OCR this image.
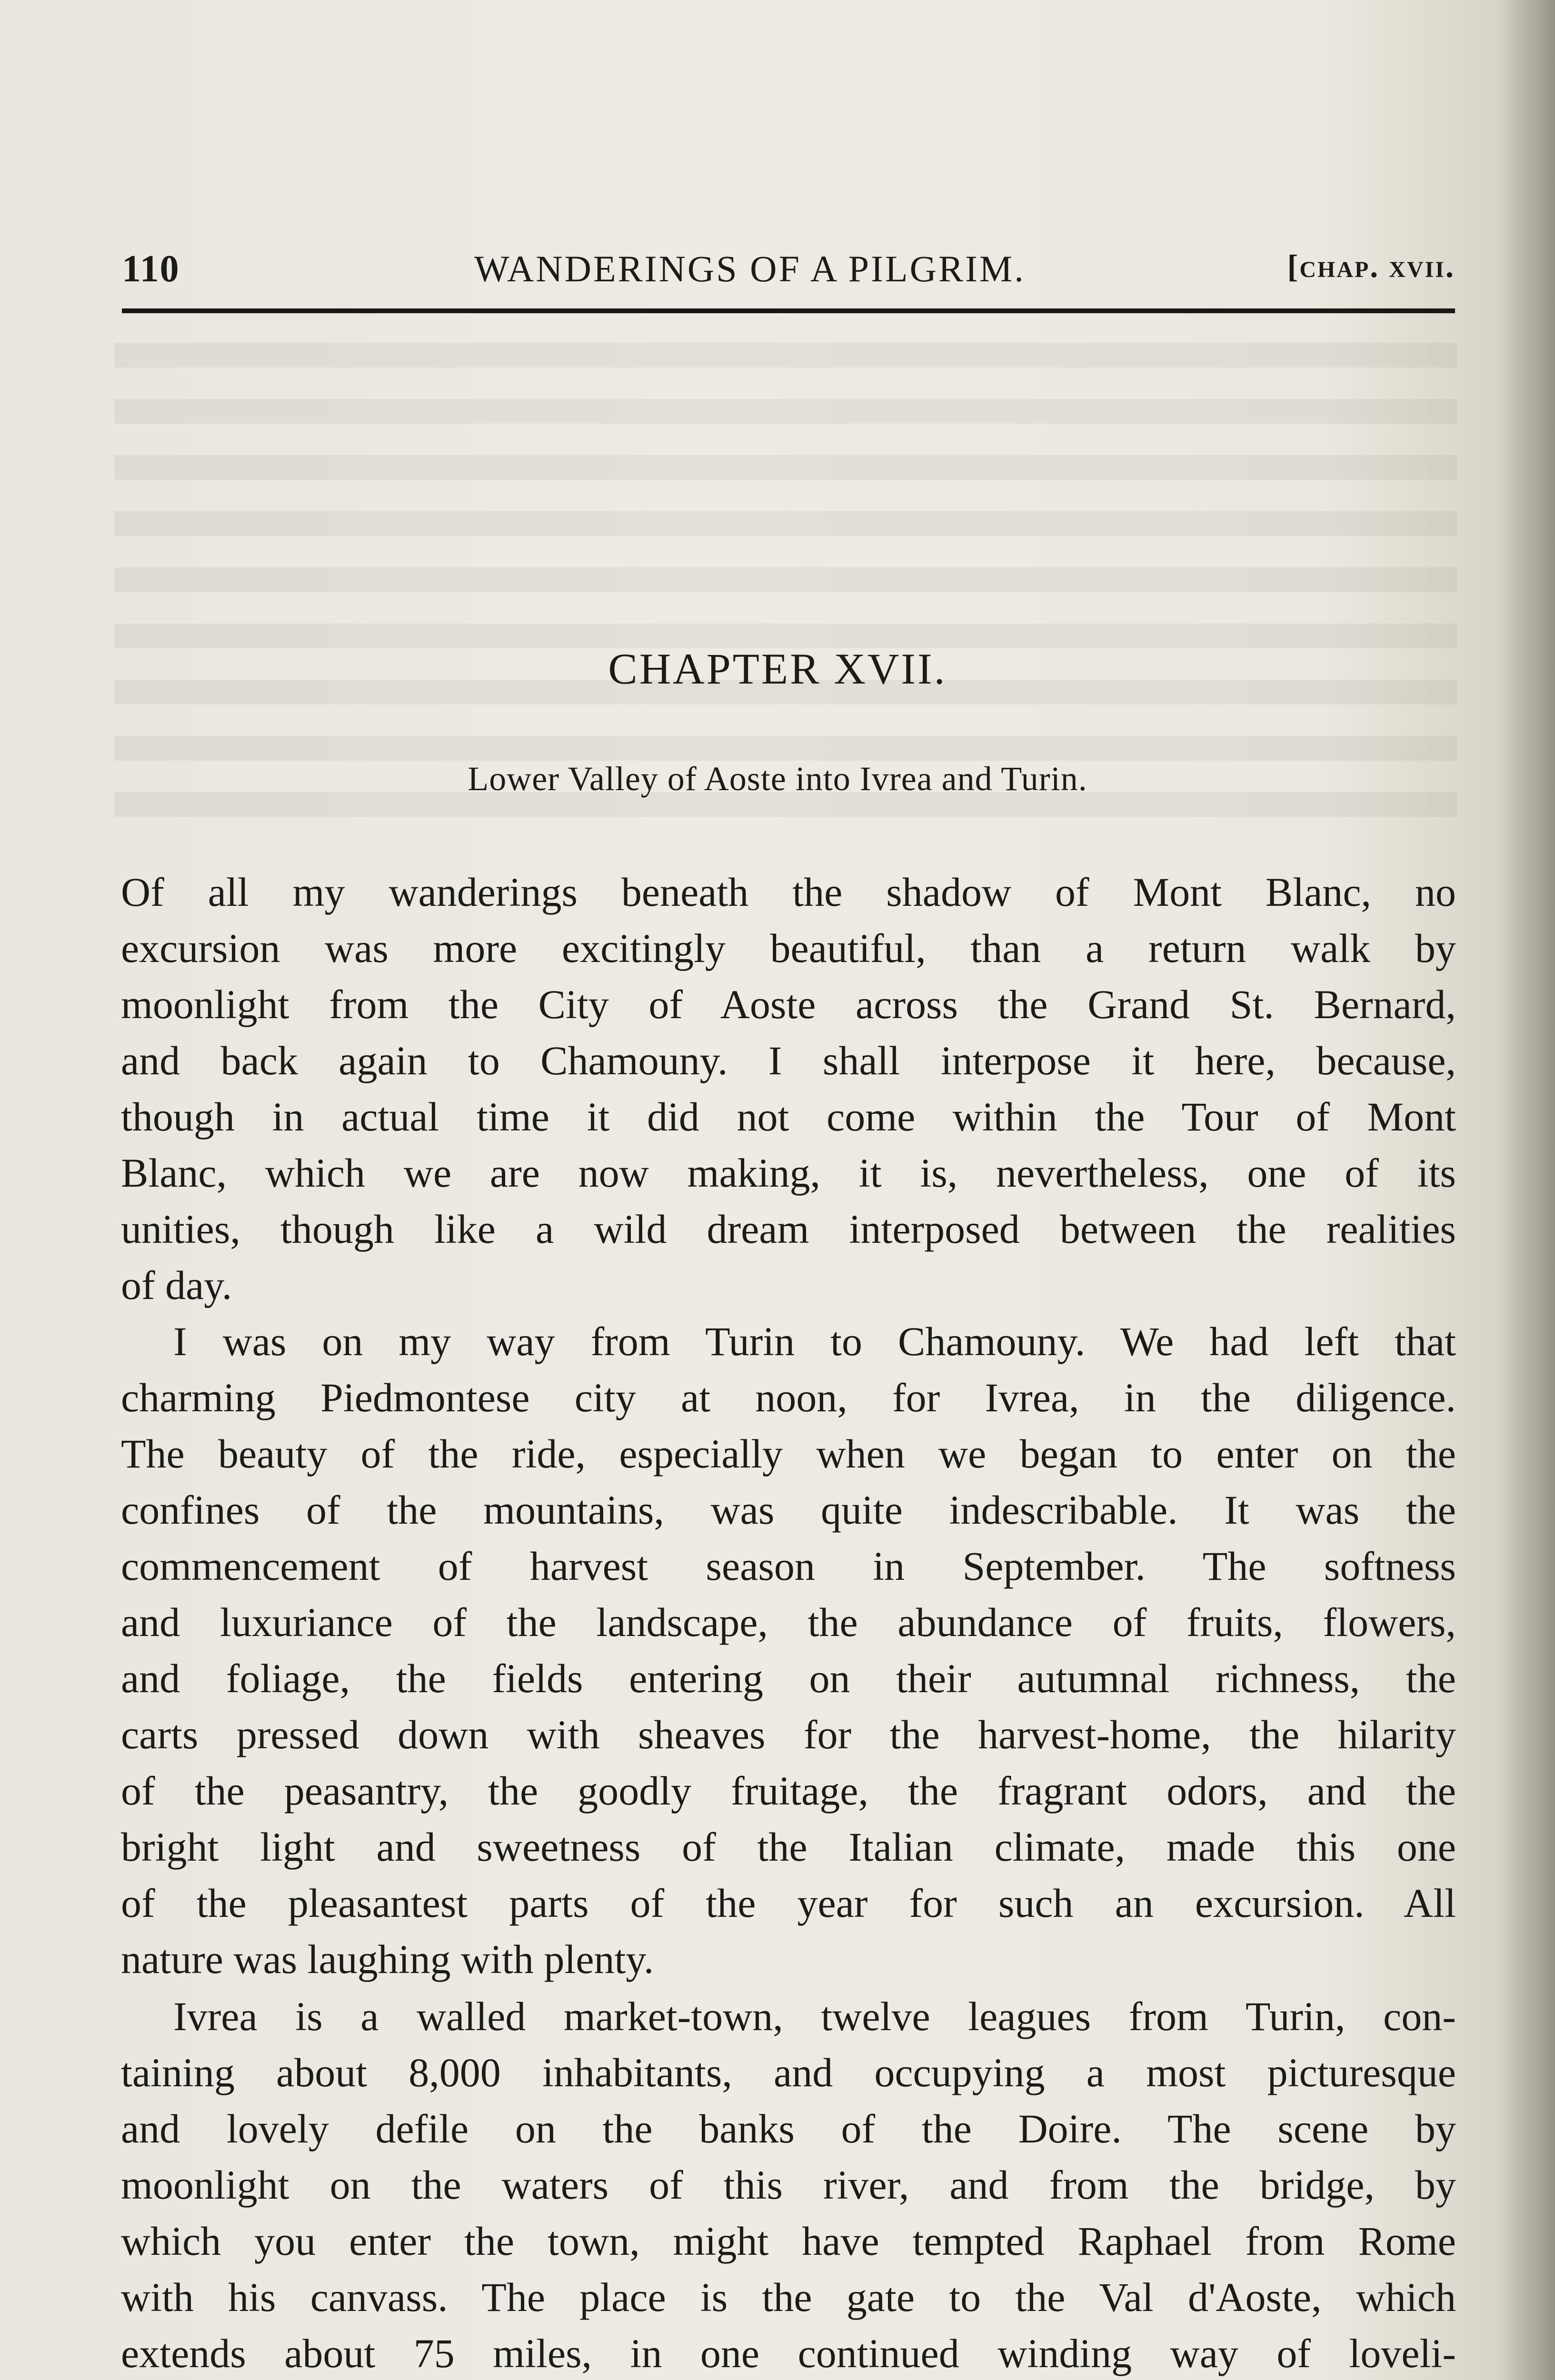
110	WANDERINGS OF A PILGRIM.	[chap. xvii.
CHAPTER XVII.
Lower Valley of Aoste into Ivrea and Turin.
Of all my wanderings beneath the shadow of Mont Blanc, no
excursion was more excitingly beautiful, than a return walk by
moonlight from the City of Aoste across the Grand St. Bernard,
and back again to Chamouny. I shall interpose it here, because,
though in actual time it did not come within the Tour of Mont
Blanc, which we are now making, it is, nevertheless, one of its
unities, though like a wild dream interposed between the realities
of day.
I was on my way from Turin to Chamouny. We had left that
charming Piedmontese city at noon, for Ivrea, in the diligence.
The beauty of the ride, especially when we began to enter on the
confines of the mountains, was quite indescribable. It was the
commencement of harvest season in September. The softness
and luxuriance of the landscape, the abundance of fruits, flowers,
and foliage, the fields entering on their autumnal richness, the
carts pressed down with sheaves for the harvest-home, the hilarity
of the peasantry, the goodly fruitage, the fragrant odors, and the
bright light and sweetness of the Italian climate, made this one
of the pleasantest parts of the year for such an excursion. All
nature was laughing with plenty.
Ivrea is a walled market-town, twelve leagues from Turin, con-
taining about 8,000 inhabitants, and occupying a most picturesque
and lovely defile on the banks of the Doire. The scene by
moonlight on the waters of this river, and from the bridge, by
which you enter the town, might have tempted Raphael from Rome
with his canvass. The place is the gate to the Val d'Aoste, which
extends about 75 miles, in one continued winding way of loveli-
